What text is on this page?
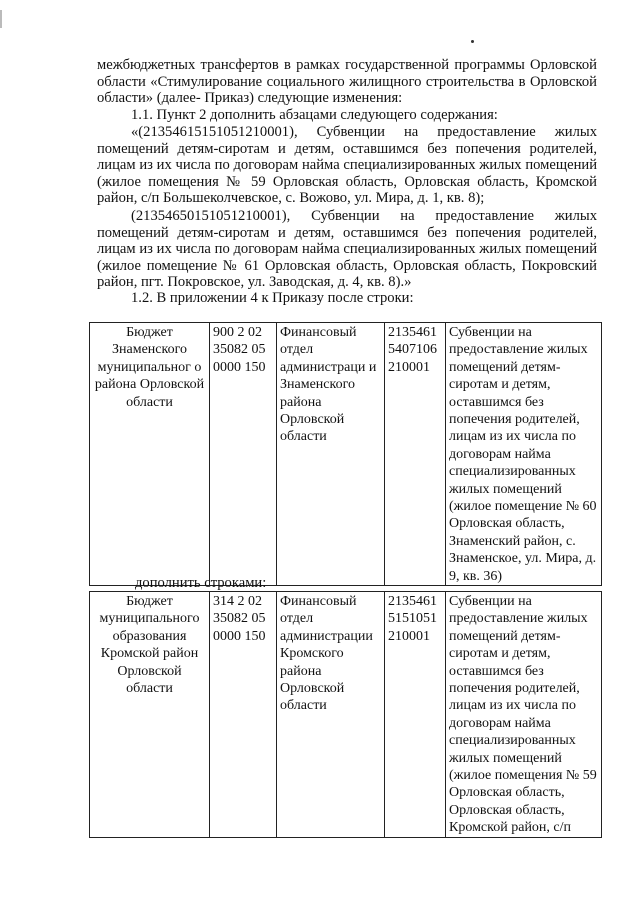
межбюджетных трансфертов в рамках государственной программы Орловской области «Стимулирование социального жилищного строительства в Орловской области» (далее- Приказ) следующие изменения:

1.1. Пункт 2 дополнить абзацами следующего содержания:

«(21354615151051210001), Субвенции на предоставление жилых помещений детям-сиротам и детям, оставшимся без попечения родителей, лицам из их числа по договорам найма специализированных жилых помещений (жилое помещения № 59 Орловская область, Орловская область, Кромской район, с/п Большеколчевское, с. Вожово, ул. Мира, д. 1, кв. 8);

(21354650151051210001), Субвенции на предоставление жилых помещений детям-сиротам и детям, оставшимся без попечения родителей, лицам из их числа по договорам найма специализированных жилых помещений (жилое помещение № 61 Орловская область, Орловская область, Покровский район, пгт. Покровское, ул. Заводская, д. 4, кв. 8).»

1.2. В приложении 4 к Приказу после строки:

Бюджет Знаменского муниципальног о района Орловской области	900 2 02 35082 05 0000 150	Финансовый отдел администраци и Знаменского района Орловской области	2135461 5407106 210001	Субвенции на предоставление жилых помещений детям-сиротам и детям, оставшимся без попечения родителей, лицам из их числа по договорам найма специализированных жилых помещений (жилое помещение № 60 Орловская область, Знаменский район, с. Знаменское, ул. Мира, д. 9, кв. 36)

дополнить строками:

Бюджет муниципального образования Кромской район Орловской области	314 2 02 35082 05 0000 150	Финансовый отдел администрации Кромского района Орловской области	2135461 5151051 210001	Субвенции на предоставление жилых помещений детям-сиротам и детям, оставшимся без попечения родителей, лицам из их числа по договорам найма специализированных жилых помещений (жилое помещения № 59 Орловская область, Орловская область, Кромской район, с/п
